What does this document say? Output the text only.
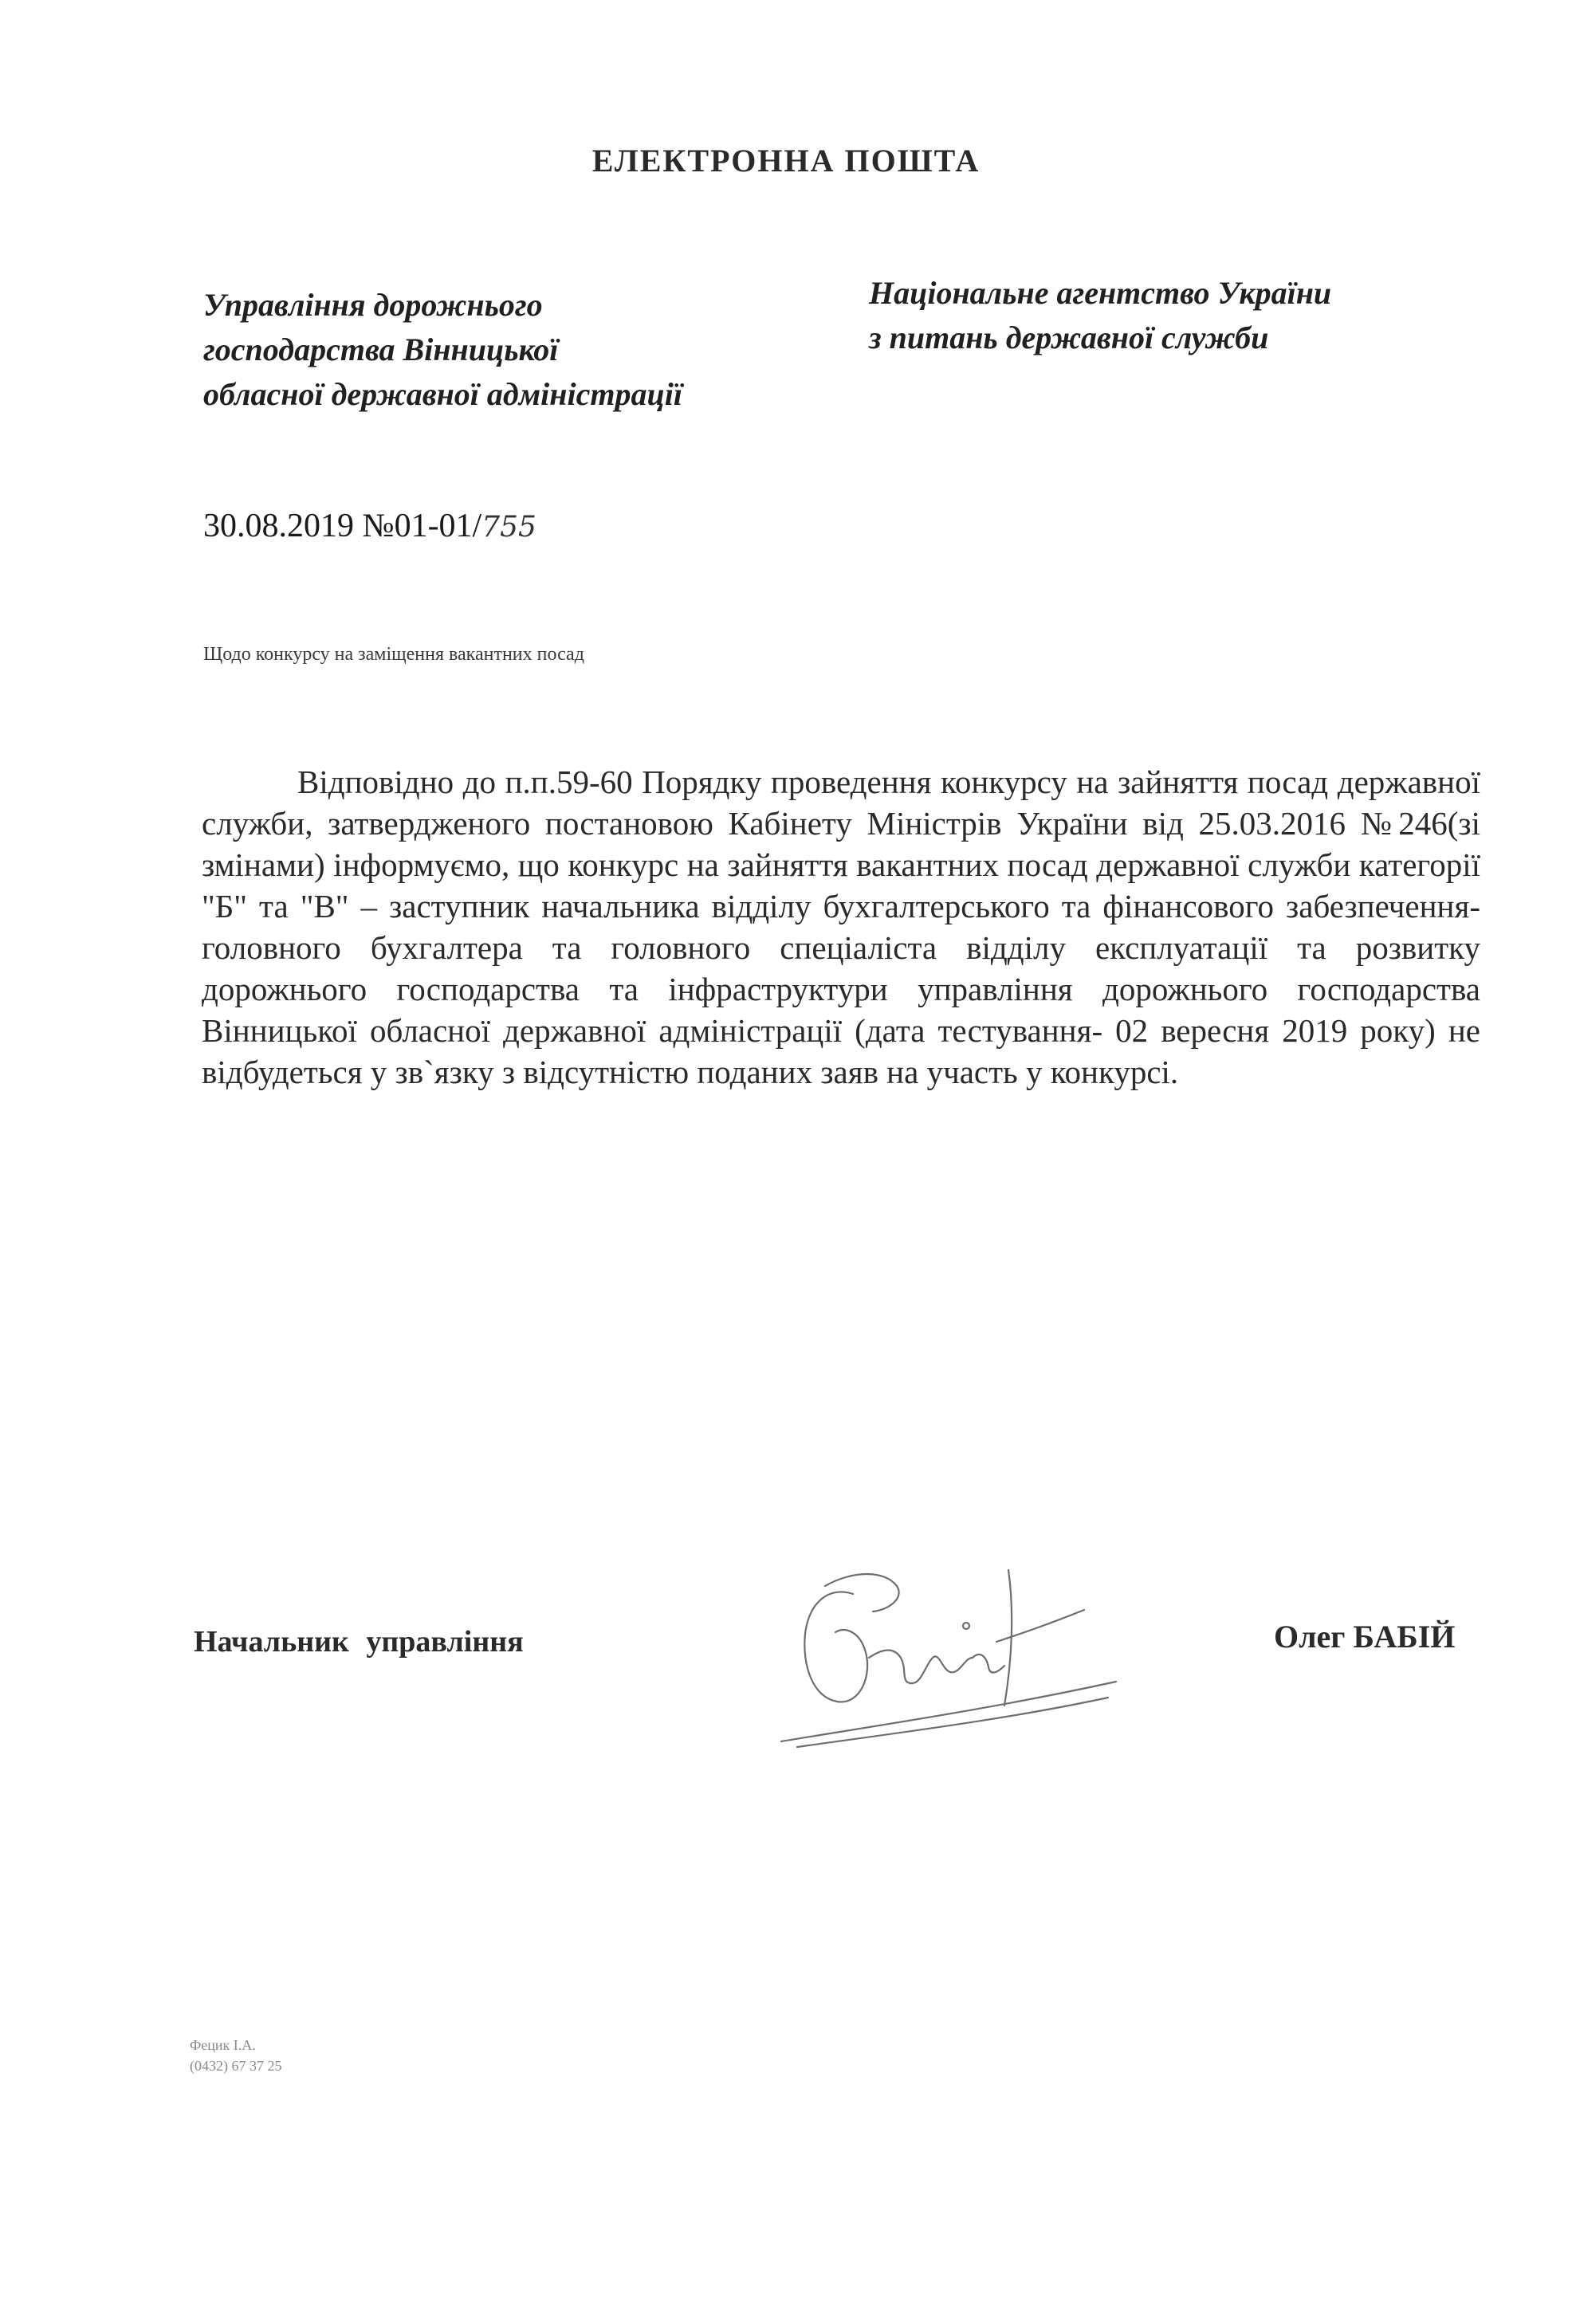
ЕЛЕКТРОННА ПОШТА
Управління дорожнього
господарства Вінницької
обласної державної адміністрації
Національне агентство України
з питань державної служби
30.08.2019 №01-01/755
Щодо конкурсу на заміщення вакантних посад
Відповідно до п.п.59-60 Порядку проведення конкурсу на зайняття посад державної служби, затвердженого постановою Кабінету Міністрів України від 25.03.2016 №246(зі змінами) інформуємо, що конкурс на зайняття вакантних посад державної служби категорії "Б" та "В" – заступник начальника відділу бухгалтерського та фінансового забезпечення-головного бухгалтера та головного спеціаліста відділу експлуатації та розвитку дорожнього господарства та інфраструктури управління дорожнього господарства Вінницької обласної державної адміністрації (дата тестування- 02 вересня 2019 року) не відбудеться у зв`язку з відсутністю поданих заяв на участь у конкурсі.
Начальник управління	Олег БАБІЙ
Фецик І.А.
(0432) 67 37 25
